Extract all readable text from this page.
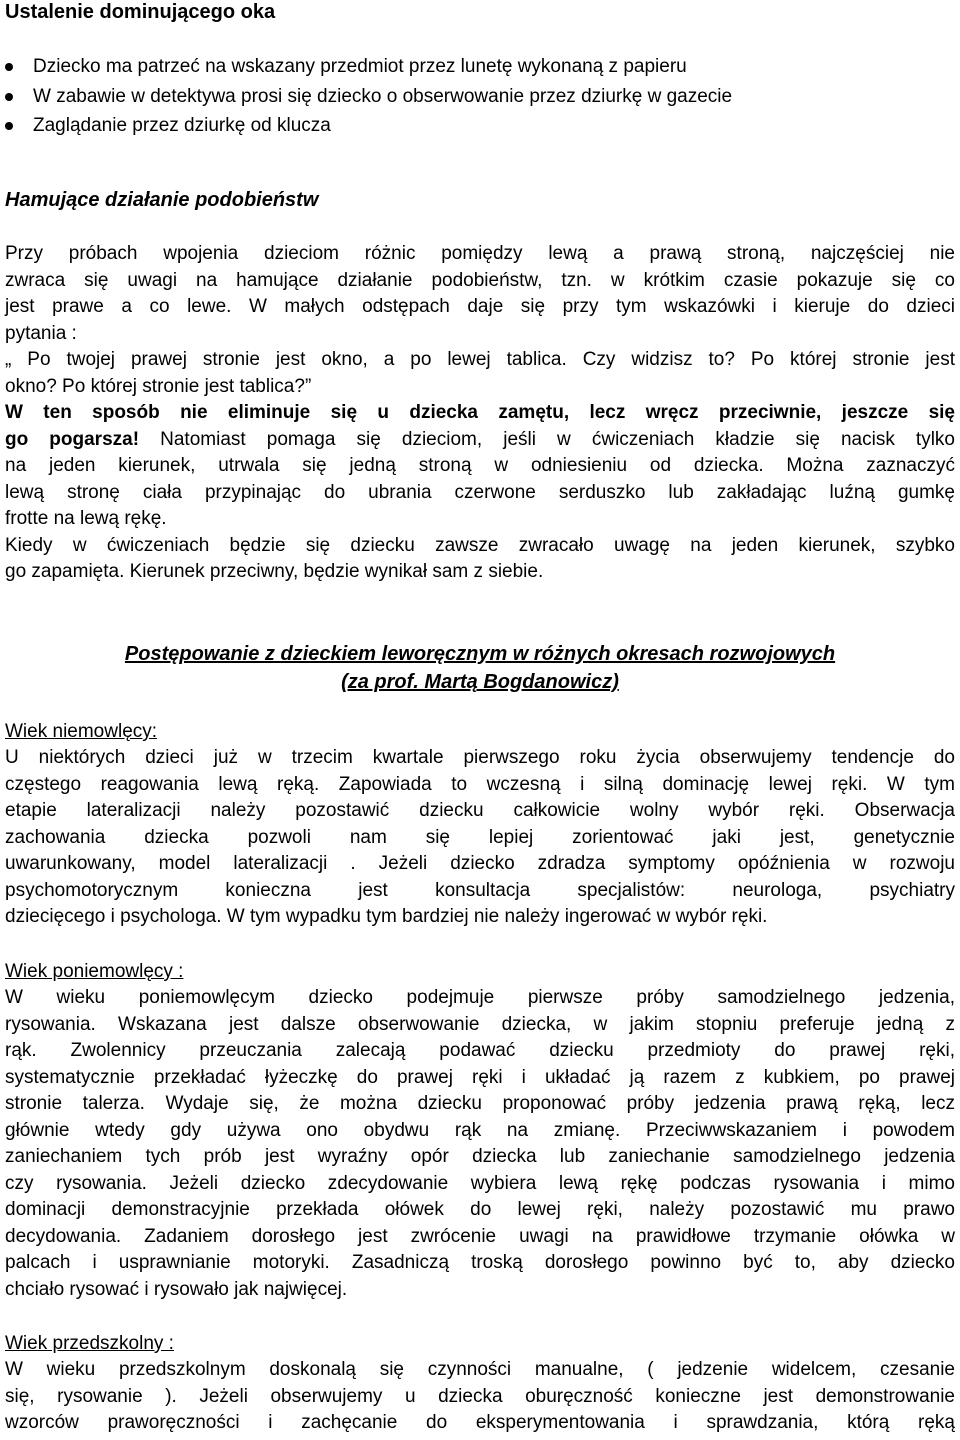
Ustalenie dominującego oka
Dziecko ma patrzeć na wskazany przedmiot przez lunetę wykonaną z papieru
W zabawie w detektywa prosi się dziecko o obserwowanie przez dziurkę w gazecie
Zaglądanie przez dziurkę od klucza
Hamujące działanie podobieństw

Przy próbach wpojenia dzieciom różnic pomiędzy lewą a prawą stroną, najczęściej nie

zwraca się uwagi na hamujące działanie podobieństw, tzn. w krótkim czasie pokazuje się co

jest prawe a co lewe. W małych odstępach daje się przy tym wskazówki i kieruje do dzieci

pytania :

„ Po twojej prawej stronie jest okno, a po lewej tablica. Czy widzisz to? Po której stronie jest

okno? Po której stronie jest tablica?”

W ten sposób nie eliminuje się u dziecka zamętu, lecz wręcz przeciwnie, jeszcze się

go pogarsza! Natomiast pomaga się dzieciom, jeśli w ćwiczeniach kładzie się nacisk tylko

na jeden kierunek, utrwala się jedną stroną w odniesieniu od dziecka. Można zaznaczyć

lewą stronę ciała przypinając do ubrania czerwone serduszko lub zakładając luźną gumkę

frotte na lewą rękę.

Kiedy w ćwiczeniach będzie się dziecku zawsze zwracało uwagę na jeden kierunek, szybko

go zapamięta. Kierunek przeciwny, będzie wynikał sam z siebie.

Postępowanie z dzieckiem leworęcznym w różnych okresach rozwojowych
(za prof. Martą Bogdanowicz)

Wiek niemowlęcy:

U niektórych dzieci już w trzecim kwartale pierwszego roku życia obserwujemy tendencje do

częstego reagowania lewą ręką. Zapowiada to wczesną i silną dominację lewej ręki. W tym

etapie lateralizacji należy pozostawić dziecku całkowicie wolny wybór ręki. Obserwacja

zachowania dziecka pozwoli nam się lepiej zorientować jaki jest, genetycznie

uwarunkowany, model lateralizacji . Jeżeli dziecko zdradza symptomy opóźnienia w rozwoju

psychomotorycznym konieczna jest konsultacja specjalistów: neurologa, psychiatry

dziecięcego i psychologa. W tym wypadku tym bardziej nie należy ingerować w wybór ręki.

Wiek poniemowlęcy :

W wieku poniemowlęcym dziecko podejmuje pierwsze próby samodzielnego jedzenia,

rysowania. Wskazana jest dalsze obserwowanie dziecka, w jakim stopniu preferuje jedną z

rąk. Zwolennicy przeuczania zalecają podawać dziecku przedmioty do prawej ręki,

systematycznie przekładać łyżeczkę do prawej ręki i układać ją razem z kubkiem, po prawej

stronie talerza. Wydaje się, że można dziecku proponować próby jedzenia prawą ręką, lecz

głównie wtedy gdy używa ono obydwu rąk na zmianę. Przeciwwskazaniem i powodem

zaniechaniem tych prób jest wyraźny opór dziecka lub zaniechanie samodzielnego jedzenia

czy rysowania. Jeżeli dziecko zdecydowanie wybiera lewą rękę podczas rysowania i mimo

dominacji demonstracyjnie przekłada ołówek do lewej ręki, należy pozostawić mu prawo

decydowania. Zadaniem dorosłego jest zwrócenie uwagi na prawidłowe trzymanie ołówka w

palcach i usprawnianie motoryki. Zasadniczą troską dorosłego powinno być to, aby dziecko

chciało rysować i rysowało jak najwięcej.

Wiek przedszkolny :

W wieku przedszkolnym doskonalą się czynności manualne, ( jedzenie widelcem, czesanie

się, rysowanie ). Jeżeli obserwujemy u dziecka oburęczność konieczne jest demonstrowanie

wzorców praworęczności i zachęcanie do eksperymentowania i sprawdzania, którą ręką
